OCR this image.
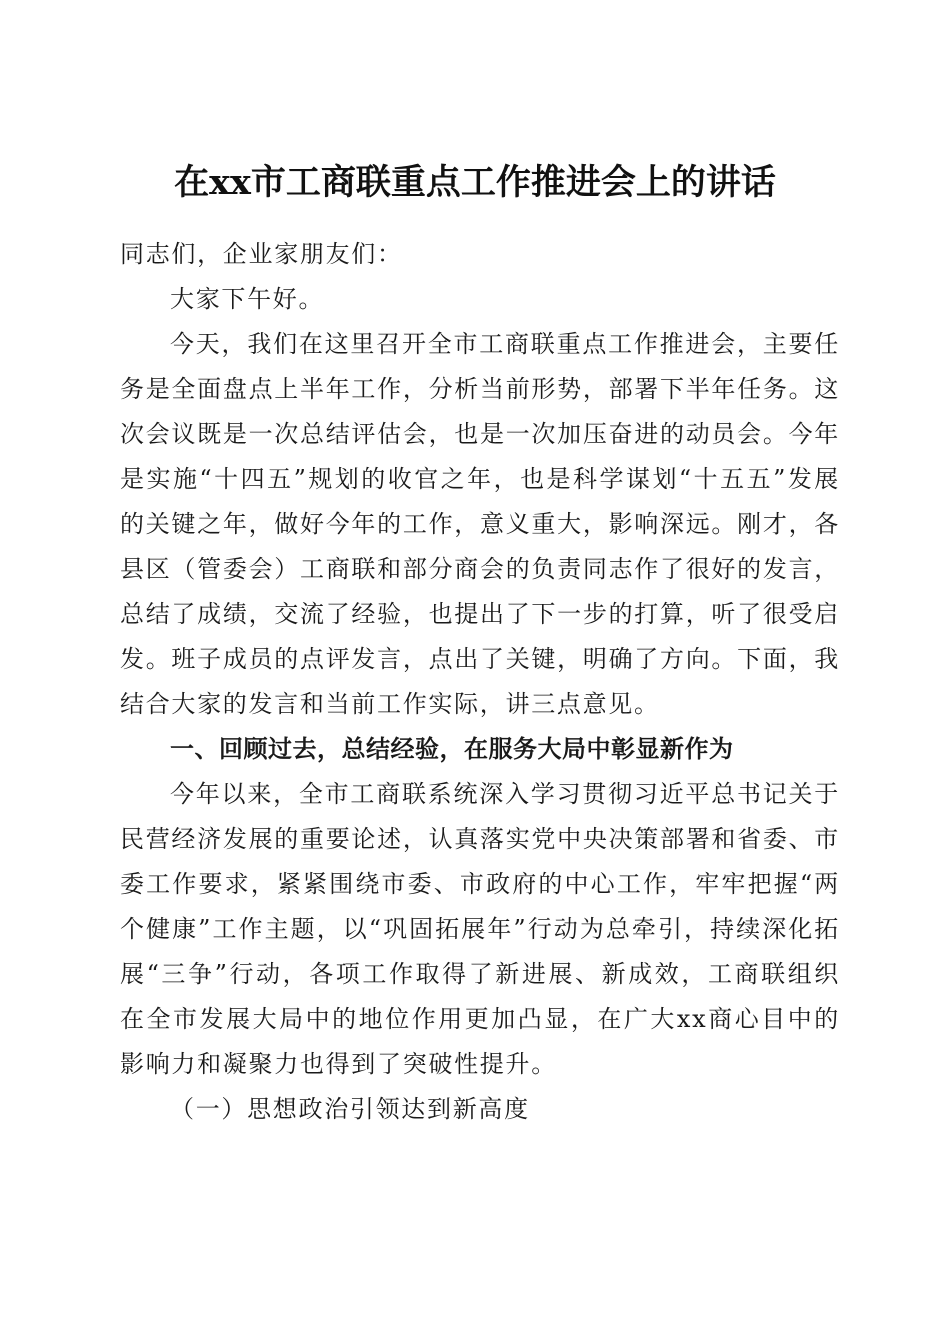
在xx市工商联重点工作推进会上的讲话

同志们，企业家朋友们：

大家下午好。

今天，我们在这里召开全市工商联重点工作推进会，主要任务是全面盘点上半年工作，分析当前形势，部署下半年任务。这次会议既是一次总结评估会，也是一次加压奋进的动员会。今年是实施“十四五”规划的收官之年，也是科学谋划“十五五”发展的关键之年，做好今年的工作，意义重大，影响深远。刚才，各县区（管委会）工商联和部分商会的负责同志作了很好的发言，总结了成绩，交流了经验，也提出了下一步的打算，听了很受启发。班子成员的点评发言，点出了关键，明确了方向。下面，我结合大家的发言和当前工作实际，讲三点意见。

一、回顾过去，总结经验，在服务大局中彰显新作为

今年以来，全市工商联系统深入学习贯彻习近平总书记关于民营经济发展的重要论述，认真落实党中央决策部署和省委、市委工作要求，紧紧围绕市委、市政府的中心工作，牢牢把握“两个健康”工作主题，以“巩固拓展年”行动为总牵引，持续深化拓展“三争”行动，各项工作取得了新进展、新成效，工商联组织在全市发展大局中的地位作用更加凸显，在广大xx商心目中的影响力和凝聚力也得到了突破性提升。

（一）思想政治引领达到新高度
